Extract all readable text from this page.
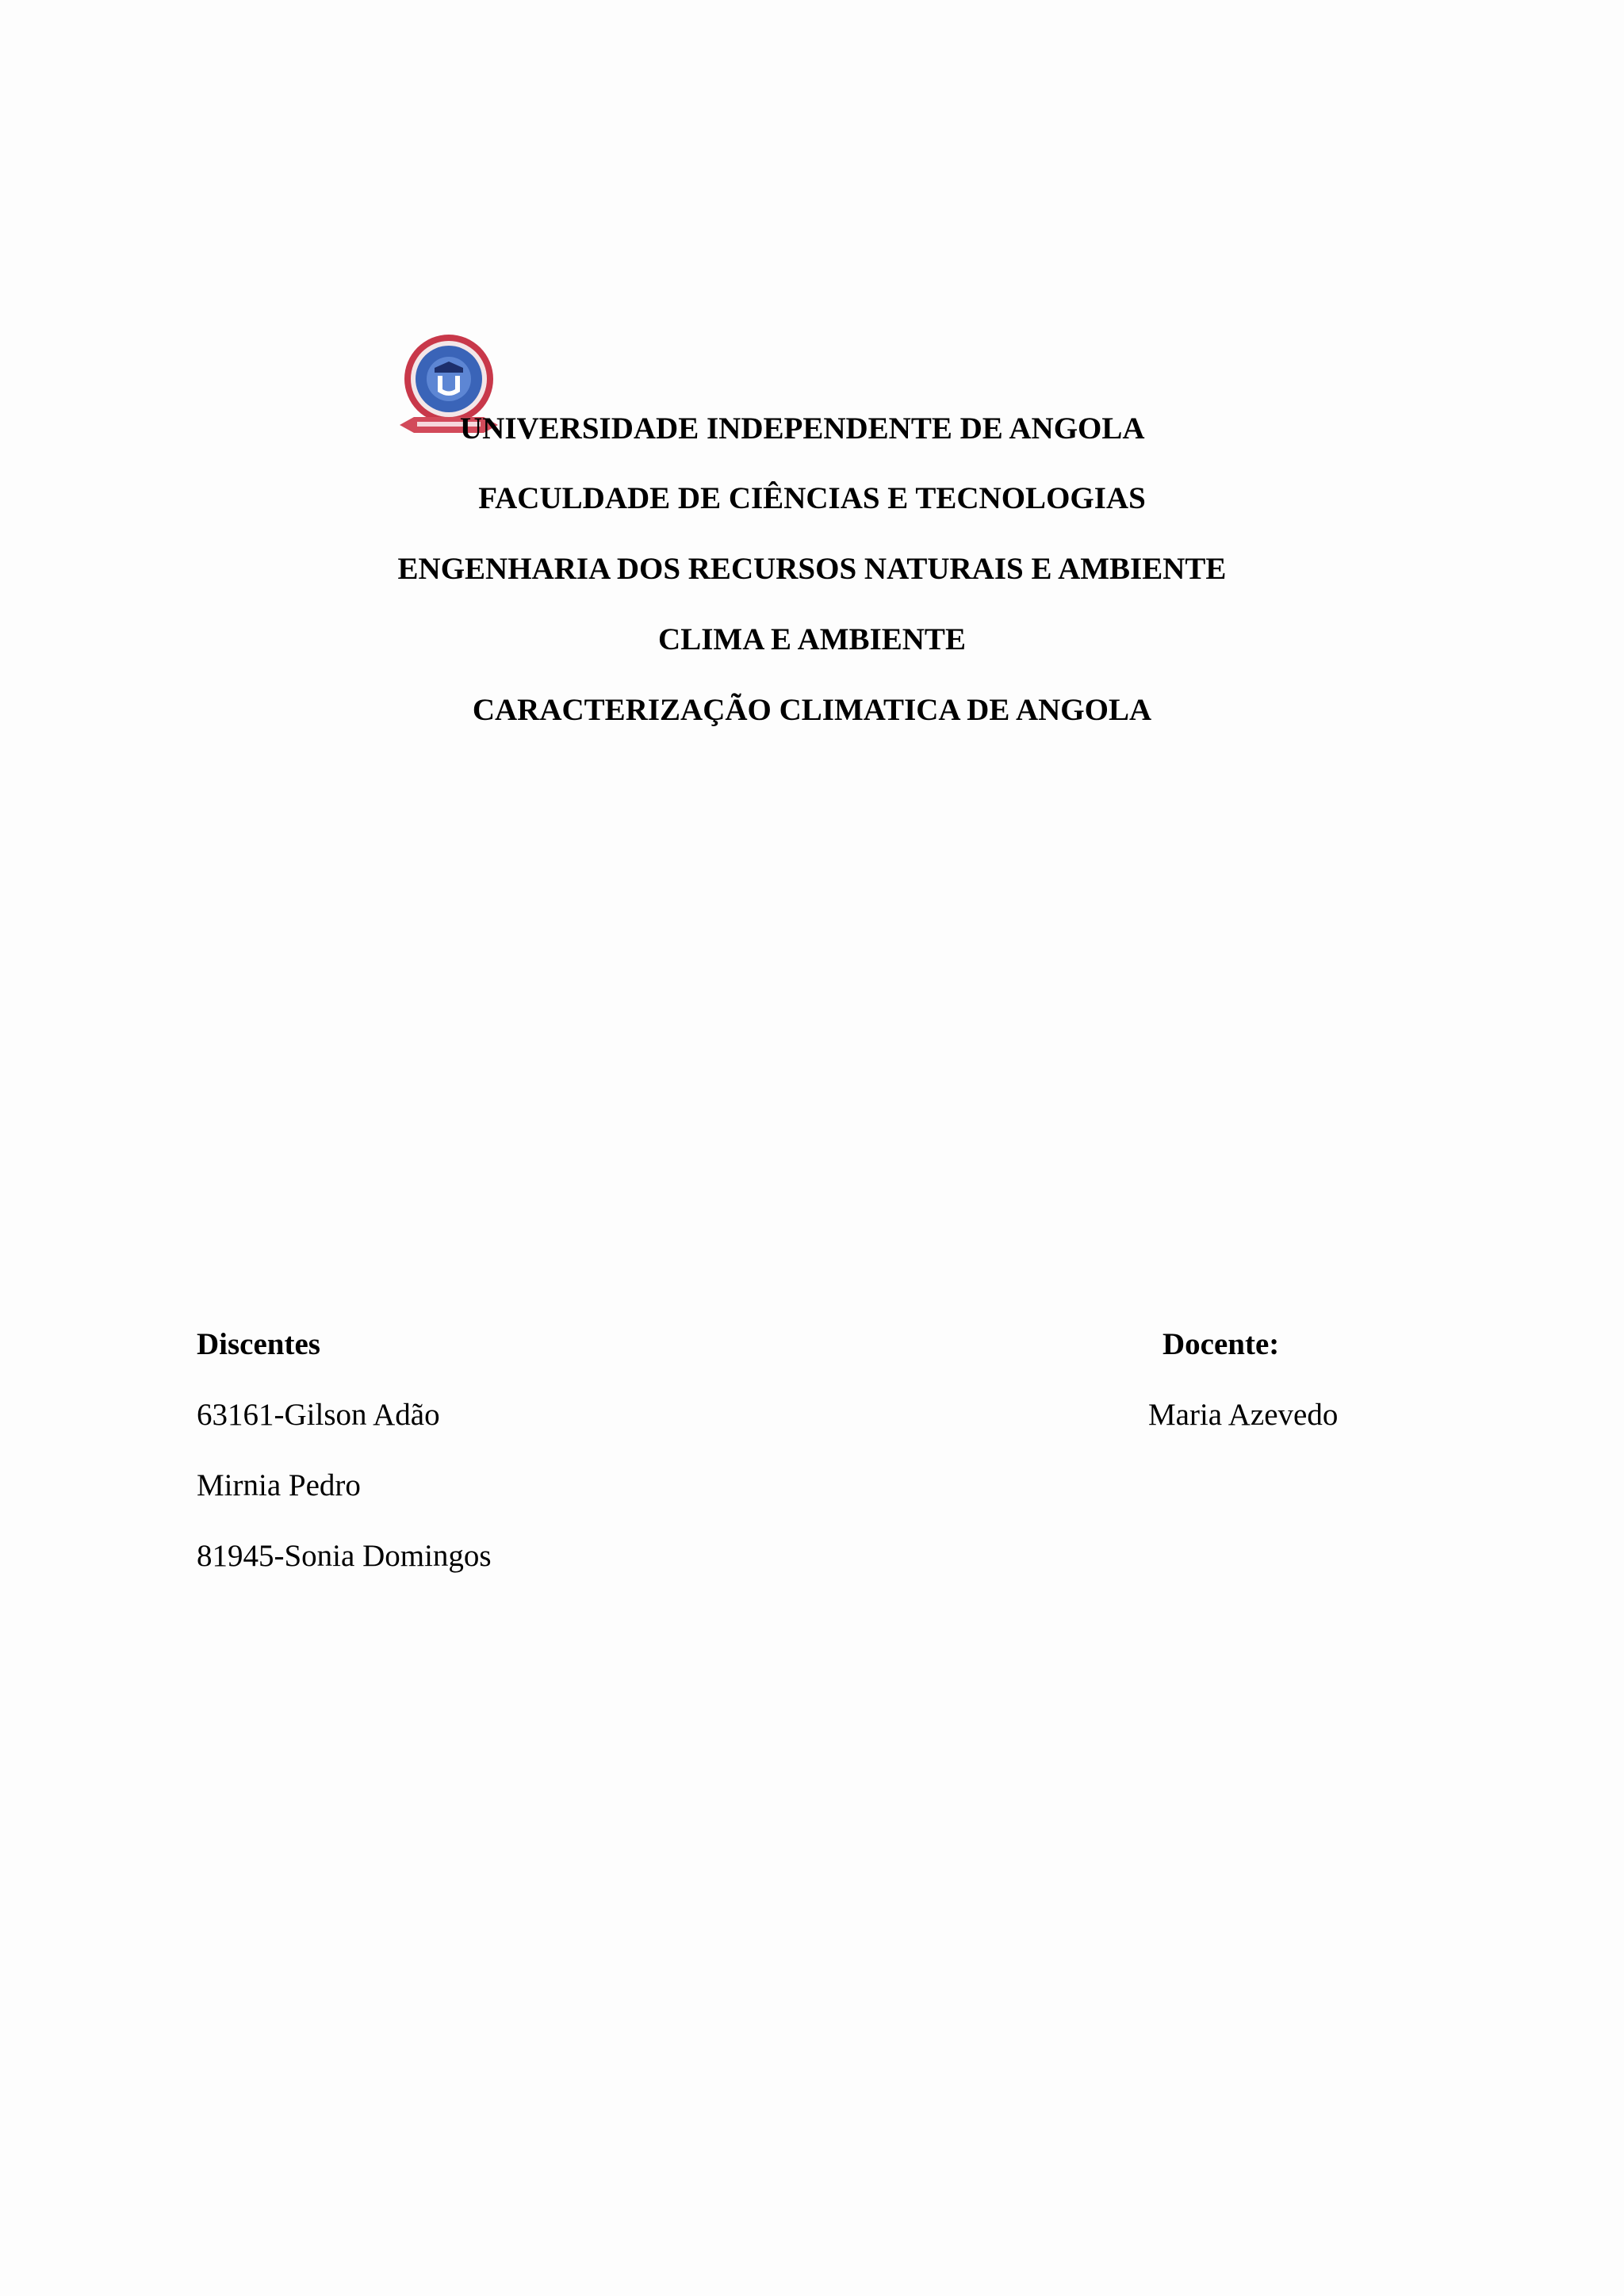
UNIVERSIDADE INDEPENDENTE DE ANGOLA
FACULDADE DE CIÊNCIAS E TECNOLOGIAS
ENGENHARIA DOS RECURSOS NATURAIS E AMBIENTE
CLIMA E AMBIENTE
CARACTERIZAÇÃO CLIMATICA DE ANGOLA
Discentes
63161-Gilson Adão
Mirnia Pedro
81945-Sonia Domingos
Docente:
Maria Azevedo
